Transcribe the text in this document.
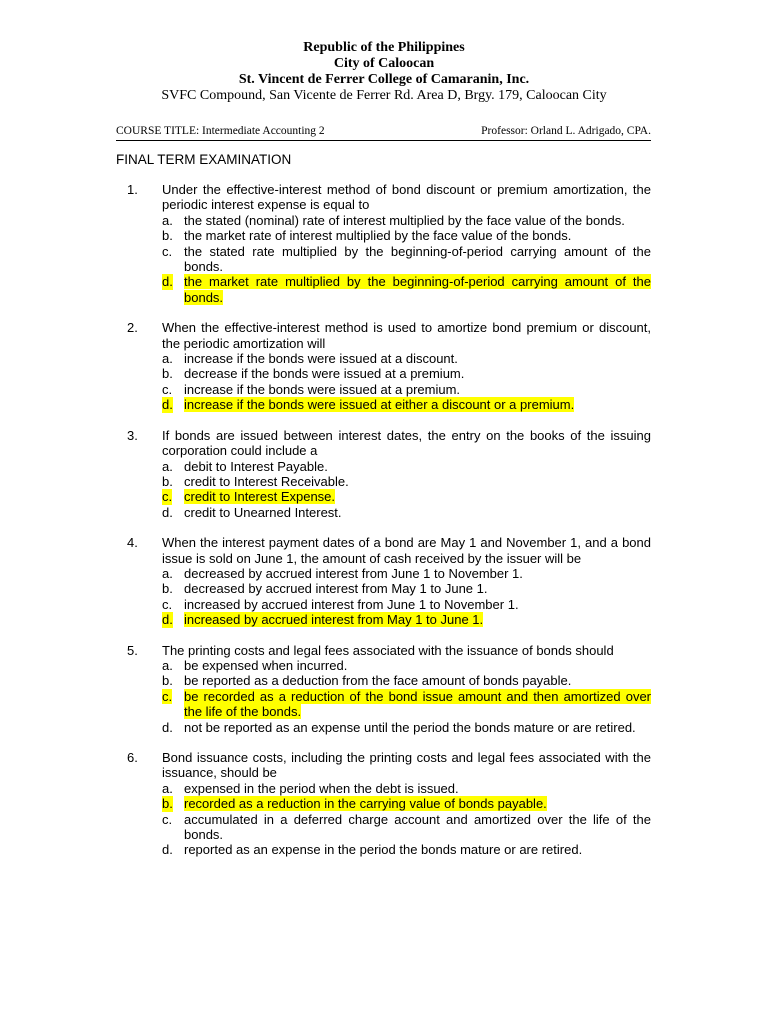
Republic of the Philippines
City of Caloocan
St. Vincent de Ferrer College of Camaranin, Inc.
SVFC Compound, San Vicente de Ferrer Rd. Area D, Brgy. 179, Caloocan City
COURSE TITLE: Intermediate Accounting 2	Professor: Orland L. Adrigado, CPA.
FINAL TERM EXAMINATION
1.	Under the effective-interest method of bond discount or premium amortization, the periodic interest expense is equal to
a. the stated (nominal) rate of interest multiplied by the face value of the bonds.
b. the market rate of interest multiplied by the face value of the bonds.
c. the stated rate multiplied by the beginning-of-period carrying amount of the bonds.
d. the market rate multiplied by the beginning-of-period carrying amount of the bonds.
2.	When the effective-interest method is used to amortize bond premium or discount, the periodic amortization will
a. increase if the bonds were issued at a discount.
b. decrease if the bonds were issued at a premium.
c. increase if the bonds were issued at a premium.
d. increase if the bonds were issued at either a discount or a premium.
3.	If bonds are issued between interest dates, the entry on the books of the issuing corporation could include a
a. debit to Interest Payable.
b. credit to Interest Receivable.
c. credit to Interest Expense.
d. credit to Unearned Interest.
4.	When the interest payment dates of a bond are May 1 and November 1, and a bond issue is sold on June 1, the amount of cash received by the issuer will be
a. decreased by accrued interest from June 1 to November 1.
b. decreased by accrued interest from May 1 to June 1.
c. increased by accrued interest from June 1 to November 1.
d. increased by accrued interest from May 1 to June 1.
5.	The printing costs and legal fees associated with the issuance of bonds should
a. be expensed when incurred.
b. be reported as a deduction from the face amount of bonds payable.
c. be recorded as a reduction of the bond issue amount and then amortized over the life of the bonds.
d. not be reported as an expense until the period the bonds mature or are retired.
6.	Bond issuance costs, including the printing costs and legal fees associated with the issuance, should be
a. expensed in the period when the debt is issued.
b. recorded as a reduction in the carrying value of bonds payable.
c. accumulated in a deferred charge account and amortized over the life of the bonds.
d. reported as an expense in the period the bonds mature or are retired.
